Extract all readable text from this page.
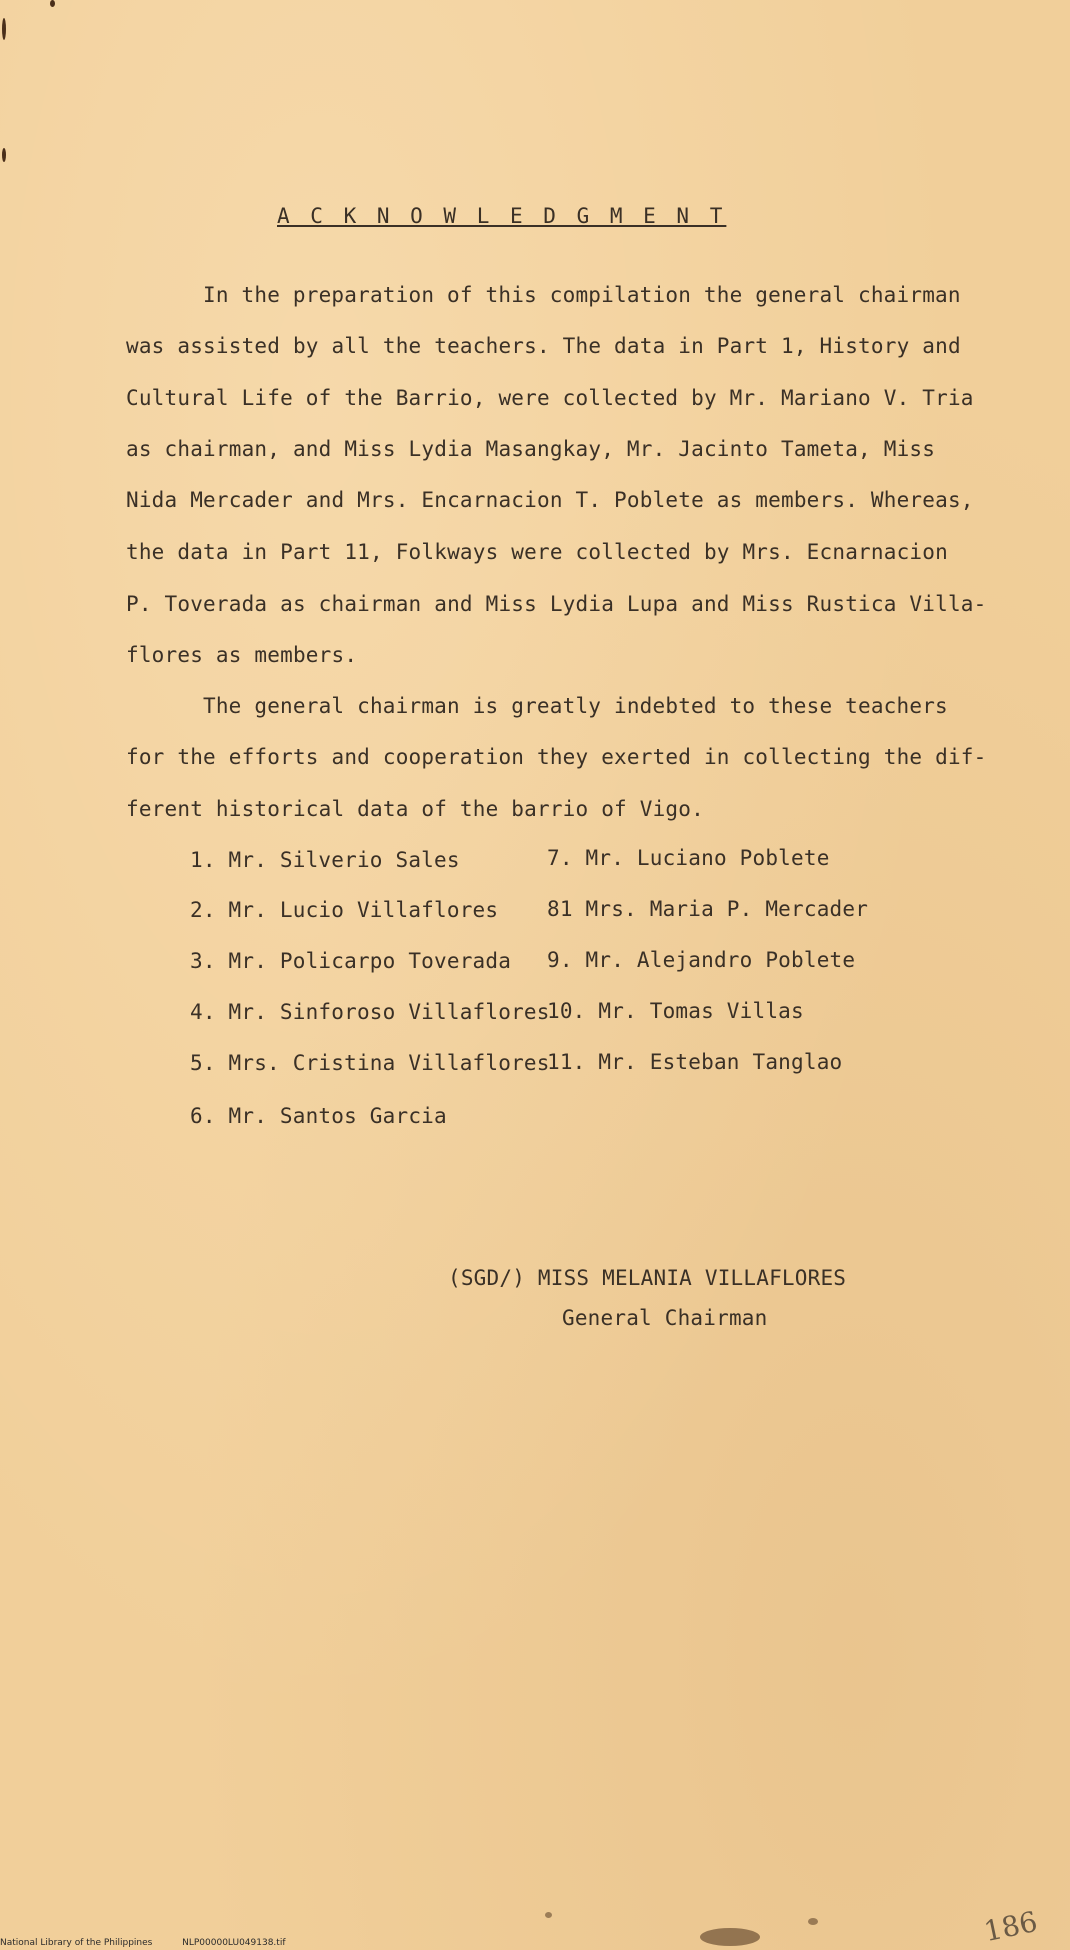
A C K N O W L E D G M E N T
In the preparation of this compilation the general chairman
was assisted by all the teachers. The data in Part 1, History and
Cultural Life of the Barrio, were collected by Mr. Mariano V. Tria
as chairman, and Miss Lydia Masangkay, Mr. Jacinto Tameta, Miss
Nida Mercader and Mrs. Encarnacion T. Poblete as members. Whereas,
the data in Part 11, Folkways were collected by Mrs. Ecnarnacion
P. Toverada as chairman and Miss Lydia Lupa and Miss Rustica Villa-
flores as members.
The general chairman is greatly indebted to these teachers
for the efforts and cooperation they exerted in collecting the dif-
ferent historical data of the barrio of Vigo.
1. Mr. Silverio Sales
2. Mr. Lucio Villaflores
3. Mr. Policarpo Toverada
4. Mr. Sinforoso Villaflores
5. Mrs. Cristina Villaflores
6. Mr. Santos Garcia
7. Mr. Luciano Poblete
81 Mrs. Maria P. Mercader
9. Mr. Alejandro Poblete
10. Mr. Tomas Villas
11. Mr. Esteban Tanglao
(SGD/) MISS MELANIA VILLAFLORES
General Chairman
186
National Library of the Philippines	NLP00000LU049138.tif
